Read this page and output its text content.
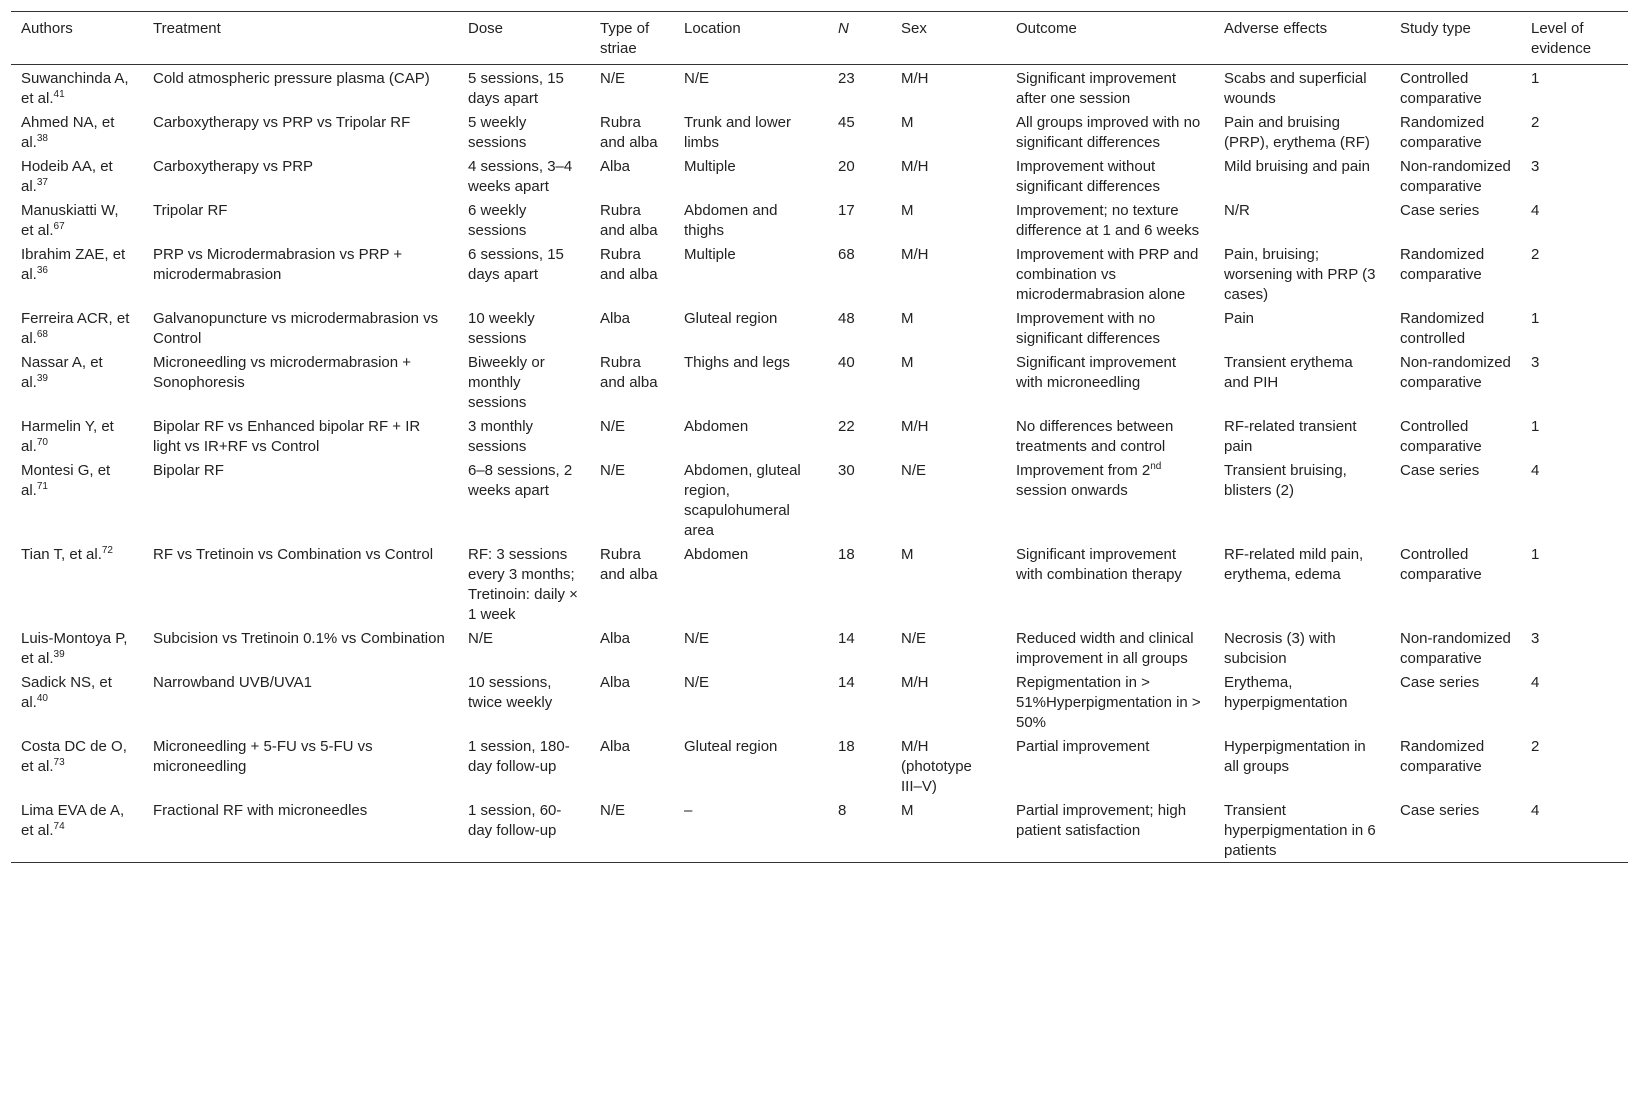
Authors	Treatment	Dose	Type of striae	Location	N	Sex	Outcome	Adverse effects	Study type	Level of evidence
Suwanchinda A, et al.$^{41}$	Cold atmospheric pressure plasma (CAP)	5 sessions, 15 days apart	N/E	N/E	23	M/H	Significant improvement after one session	Scabs and superficial wounds	Controlled comparative	1
Ahmed NA, et al.$^{38}$	Carboxytherapy vs PRP vs Tripolar RF	5 weekly sessions	Rubra and alba	Trunk and lower limbs	45	M	All groups improved with no significant differences	Pain and bruising (PRP), erythema (RF)	Randomized comparative	2
Hodeib AA, et al.$^{37}$	Carboxytherapy vs PRP	4 sessions, 3–4 weeks apart	Alba	Multiple	20	M/H	Improvement without significant differences	Mild bruising and pain	Non-randomized comparative	3
Manuskiatti W, et al.$^{67}$	Tripolar RF	6 weekly sessions	Rubra and alba	Abdomen and thighs	17	M	Improvement; no texture difference at 1 and 6 weeks	N/R	Case series	4
Ibrahim ZAE, et al.$^{36}$	PRP vs Microdermabrasion vs PRP + microdermabrasion	6 sessions, 15 days apart	Rubra and alba	Multiple	68	M/H	Improvement with PRP and combination vs microdermabrasion alone	Pain, bruising; worsening with PRP (3 cases)	Randomized comparative	2
Ferreira ACR, et al.$^{68}$	Galvanopuncture vs microdermabrasion vs Control	10 weekly sessions	Alba	Gluteal region	48	M	Improvement with no significant differences	Pain	Randomized controlled	1
Nassar A, et al.$^{39}$	Microneedling vs microdermabrasion + Sonophoresis	Biweekly or monthly sessions	Rubra and alba	Thighs and legs	40	M	Significant improvement with microneedling	Transient erythema and PIH	Non-randomized comparative	3
Harmelin Y, et al.$^{70}$	Bipolar RF vs Enhanced bipolar RF + IR light vs IR+RF vs Control	3 monthly sessions	N/E	Abdomen	22	M/H	No differences between treatments and control	RF-related transient pain	Controlled comparative	1
Montesi G, et al.$^{71}$	Bipolar RF	6–8 sessions, 2 weeks apart	N/E	Abdomen, gluteal region, scapulohumeral area	30	N/E	Improvement from 2nd session onwards	Transient bruising, blisters (2)	Case series	4
Tian T, et al.$^{72}$	RF vs Tretinoin vs Combination vs Control	RF: 3 sessions every 3 months; Tretinoin: daily × 1 week	Rubra and alba	Abdomen	18	M	Significant improvement with combination therapy	RF-related mild pain, erythema, edema	Controlled comparative	1
Luis-Montoya P, et al.$^{39}$	Subcision vs Tretinoin 0.1% vs Combination	N/E	Alba	N/E	14	N/E	Reduced width and clinical improvement in all groups	Necrosis (3) with subcision	Non-randomized comparative	3
Sadick NS, et al.$^{40}$	Narrowband UVB/UVA1	10 sessions, twice weekly	Alba	N/E	14	M/H	Repigmentation in > 51%Hyperpigmentation in > 50%	Erythema, hyperpigmentation	Case series	4
Costa DC de O, et al.$^{73}$	Microneedling + 5-FU vs 5-FU vs microneedling	1 session, 180-day follow-up	Alba	Gluteal region	18	M/H (phototype III–V)	Partial improvement	Hyperpigmentation in all groups	Randomized comparative	2
Lima EVA de A, et al.$^{74}$	Fractional RF with microneedles	1 session, 60-day follow-up	N/E	–	8	M	Partial improvement; high patient satisfaction	Transient hyperpigmentation in 6 patients	Case series	4
